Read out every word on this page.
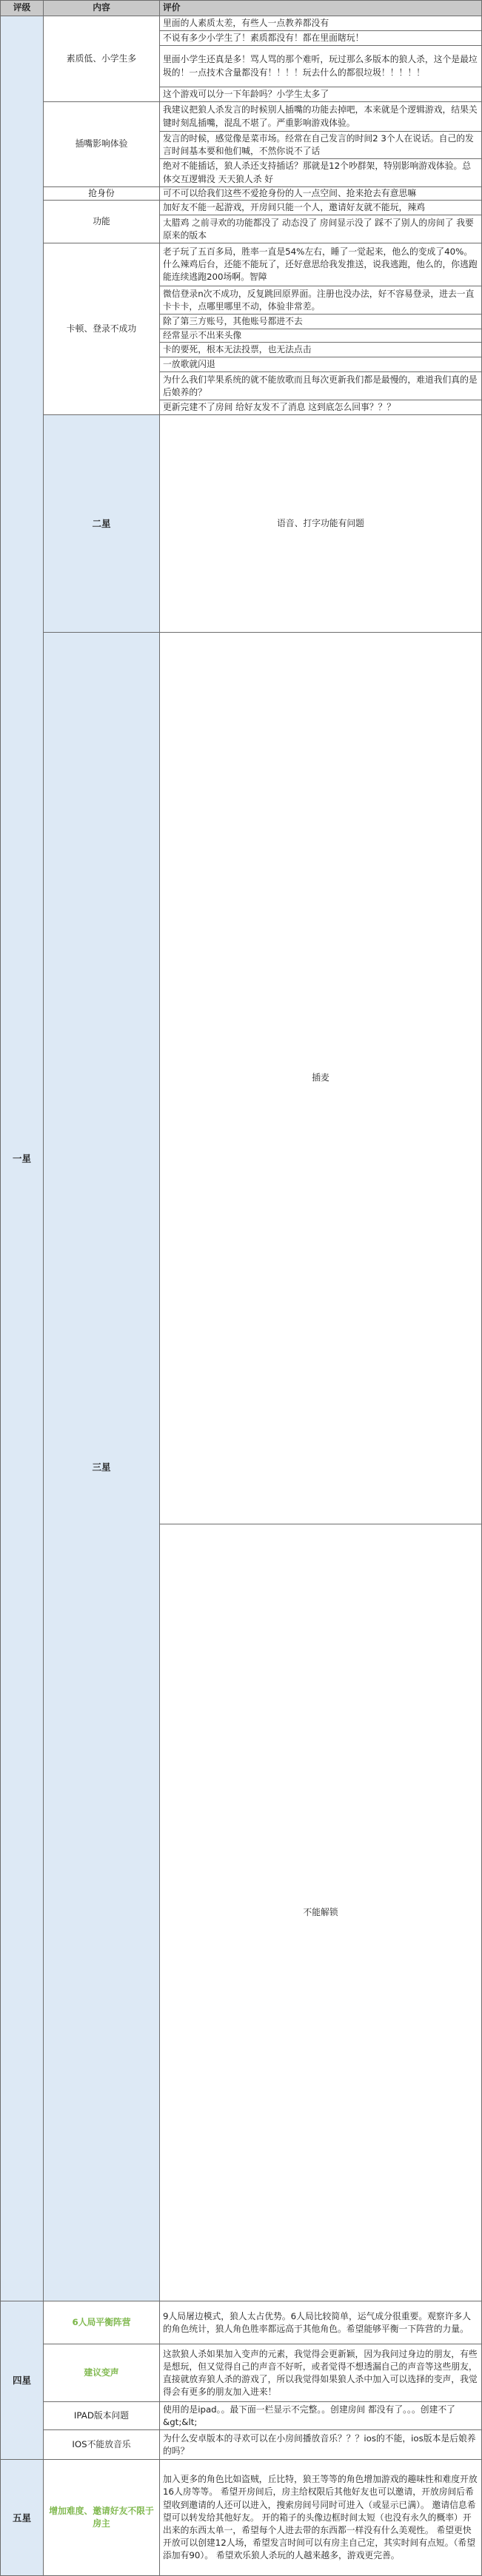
评级	内容	评价	
一星	素质低、小学生多	里面的人素质太差，有些人一点教养都没有	
		不说有多少小学生了！素质都没有！都在里面瞎玩！	
		里面小学生还真是多！骂人骂的那个难听，玩过那么多版本的狼人杀，这个是最垃圾的！一点技术含量都没有！！！！玩去什么的都很垃圾！！！！！	
		这个游戏可以分一下年龄吗？小学生太多了	
	插嘴影响体验	我建议把狼人杀发言的时候别人插嘴的功能去掉吧，本来就是个逻辑游戏，结果关键时刻乱插嘴，混乱不堪了。严重影响游戏体验。	
		发言的时候，感觉像是菜市场。经常在自己发言的时间2 3个人在说话。自己的发言时间基本要和他们喊，不然你说不了话	
		绝对不能插话，狼人杀还支持插话？那就是12个吵群架，特别影响游戏体验。总体交互逻辑没 天天狼人杀 好	
	抢身份	可不可以给我们这些不爱抢身份的人一点空间、抢来抢去有意思嘛	
	功能	加好友不能一起游戏，开房间只能一个人，邀请好友就不能玩，辣鸡	
		太腊鸡 之前寻欢的功能都没了 动态没了 房间显示没了 踩不了别人的房间了 我要原来的版本	
	卡顿、登录不成功	老子玩了五百多局，胜率一直是54%左右，睡了一觉起来，他么的变成了40%。什么辣鸡后台，还能不能玩了，还好意思给我发推送，说我逃跑，他么的，你逃跑能连续逃跑200场啊。智障	
		微信登录n次不成功，反复跳回原界面。注册也没办法，好不容易登录，进去一直卡卡卡，点哪里哪里不动，体验非常差。	
		除了第三方账号，其他账号都进不去	
		经常显示不出来头像	
		卡的要死，根本无法投票，也无法点击	
		一放歌就闪退	
		为什么我们苹果系统的就不能放歌而且每次更新我们都是最慢的，难道我们真的是后娘养的？	
		更新完建不了房间 给好友发不了消息 这到底怎么回事？？？	
	二星	语音、打字功能有问题	
	三星	插麦	
		不能解锁	
四星	6人局平衡阵营	9人局屠边模式，狼人太占优势。6人局比较简单，运气成分很重要。观察许多人的角色统计，狼人角色胜率都远高于其他角色。希望能够平衡一下阵营的力量。	
	建议变声	这款狼人杀如果加入变声的元素，我觉得会更新颖，因为我问过身边的朋友，有些是想玩，但又觉得自己的声音不好听，或者觉得不想透漏自己的声音等这些朋友，直接就放弃狼人杀的游戏了，所以我觉得如果狼人杀中加入可以选择的变声，我觉得会有更多的朋友加入进来！	
	IPAD版本问题	使用的是ipad。。最下面一栏显示不完整。。创建房间 都没有了。。。创建不了&gt;&lt;	
	IOS不能放音乐	为什么安卓版本的寻欢可以在小房间播放音乐？？？ios的不能，ios版本是后娘养的吗？	
五星	增加难度、邀请好友不限于房主	加入更多的角色比如盗贼，丘比特，狼王等等的角色增加游戏的趣味性和难度开放16人房等等。 希望开房间后，房主给权限后其他好友也可以邀请，开放房间后希望收到邀请的人还可以进入，搜索房间号同时可进入（或显示已满）。 邀请信息希望可以转发给其他好友。 开的箱子的头像边框时间太短（也没有永久的概率）开出来的东西太单一，希望每个人进去带的东西都一样没有什么美观性。 希望更快开放可以创建12人场，希望发言时间可以有房主自己定，其实时间有点短。（希望添加有90）。 希望欢乐狼人杀玩的人越来越多，游戏更完善。	
